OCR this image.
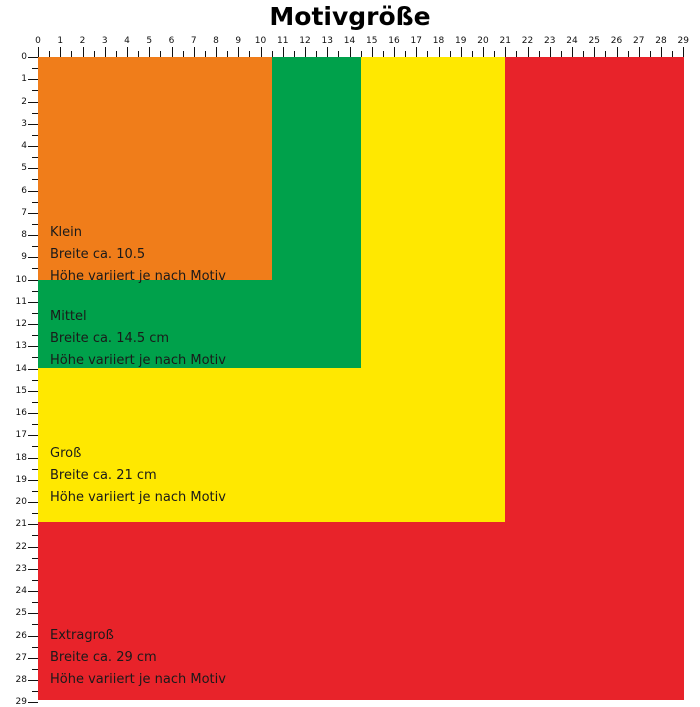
Motivgröße
0 1 2 3 4 5 6 7 8 9 10 11 12 13 14 15 16 17 18 19 20 21 22 23 24 25 26 27 28 29
0
1
2
3
4
5
6
7
8
9
10
11
12
13
14
15
16
17
18
19
20
21
22
23
24
25
26
27
28
29
Klein
Breite ca. 10.5
Höhe variiert je nach Motiv
Mittel
Breite ca. 14.5 cm
Höhe variiert je nach Motiv
Groß
Breite ca. 21 cm
Höhe variiert je nach Motiv
Extragroß
Breite ca. 29 cm
Höhe variiert je nach Motiv
